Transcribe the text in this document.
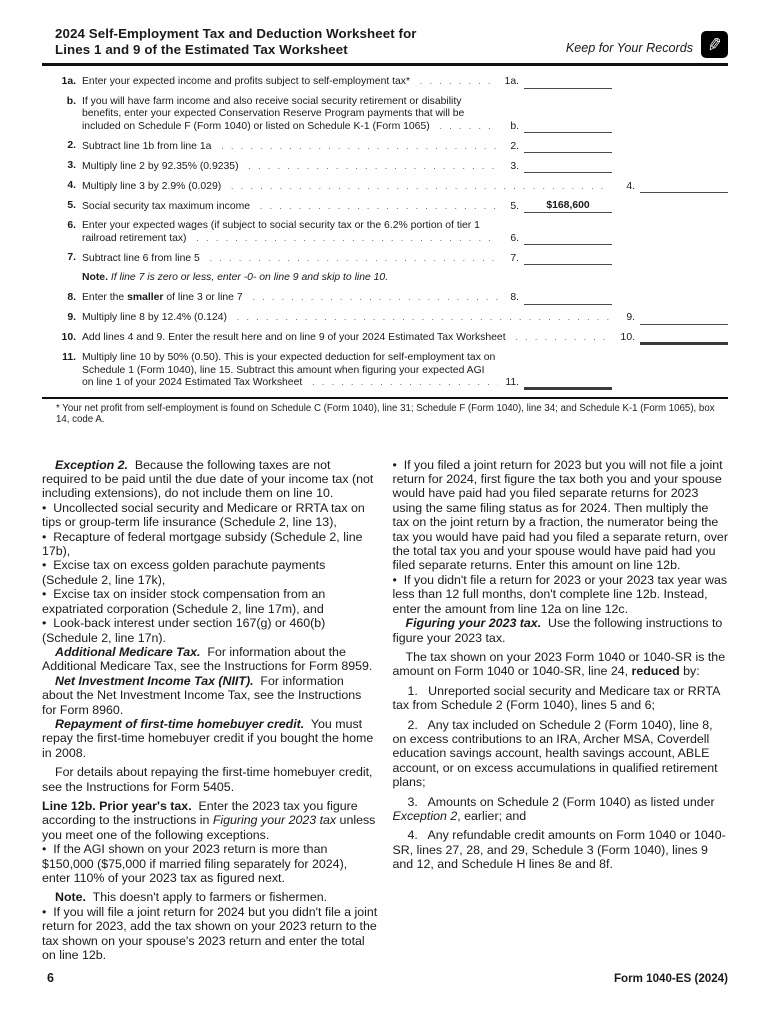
2024 Self-Employment Tax and Deduction Worksheet for
Lines 1 and 9 of the Estimated Tax Worksheet	Keep for Your Records ✎
1a. Enter your expected income and profits subject to self-employment tax*	1a.
b. If you will have farm income and also receive social security retirement or disability benefits, enter your expected Conservation Reserve Program payments that will be included on Schedule F (Form 1040) or listed on Schedule K-1 (Form 1065)	b.
2. Subtract line 1b from line 1a	2.
3. Multiply line 2 by 92.35% (0.9235)	3.
4. Multiply line 3 by 2.9% (0.029)	4.
5. Social security tax maximum income	5.	$168,600
6. Enter your expected wages (if subject to social security tax or the 6.2% portion of tier 1 railroad retirement tax)	6.
7. Subtract line 6 from line 5	7.
Note. If line 7 is zero or less, enter -0- on line 9 and skip to line 10.
8. Enter the smaller of line 3 or line 7	8.
9. Multiply line 8 by 12.4% (0.124)	9.
10. Add lines 4 and 9. Enter the result here and on line 9 of your 2024 Estimated Tax Worksheet	10.
11. Multiply line 10 by 50% (0.50). This is your expected deduction for self-employment tax on Schedule 1 (Form 1040), line 15. Subtract this amount when figuring your expected AGI on line 1 of your 2024 Estimated Tax Worksheet	11.
* Your net profit from self-employment is found on Schedule C (Form 1040), line 31; Schedule F (Form 1040), line 34; and Schedule K-1 (Form 1065), box 14, code A.

Exception 2.  Because the following taxes are not required to be paid until the due date of your income tax (not including extensions), do not include them on line 10.

•  Uncollected social security and Medicare or RRTA tax on tips or group-term life insurance (Schedule 2, line 13),

•  Recapture of federal mortgage subsidy (Schedule 2, line 17b),

•  Excise tax on excess golden parachute payments (Schedule 2, line 17k),

•  Excise tax on insider stock compensation from an expatriated corporation (Schedule 2, line 17m), and

•  Look-back interest under section 167(g) or 460(b) (Schedule 2, line 17n).

Additional Medicare Tax.  For information about the Additional Medicare Tax, see the Instructions for Form 8959.

Net Investment Income Tax (NIIT).  For information about the Net Investment Income Tax, see the Instructions for Form 8960.

Repayment of first-time homebuyer credit.  You must repay the first-time homebuyer credit if you bought the home in 2008.

For details about repaying the first-time homebuyer credit, see the Instructions for Form 5405.

Line 12b. Prior year's tax.  Enter the 2023 tax you figure according to the instructions in Figuring your 2023 tax unless you meet one of the following exceptions.

•  If the AGI shown on your 2023 return is more than $150,000 ($75,000 if married filing separately for 2024), enter 110% of your 2023 tax as figured next.

Note.  This doesn't apply to farmers or fishermen.

•  If you will file a joint return for 2024 but you didn't file a joint return for 2023, add the tax shown on your 2023 return to the tax shown on your spouse's 2023 return and enter the total on line 12b.

•  If you filed a joint return for 2023 but you will not file a joint return for 2024, first figure the tax both you and your spouse would have paid had you filed separate returns for 2023 using the same filing status as for 2024. Then multiply the tax on the joint return by a fraction, the numerator being the tax you would have paid had you filed a separate return, over the total tax you and your spouse would have paid had you filed separate returns. Enter this amount on line 12b.

•  If you didn't file a return for 2023 or your 2023 tax year was less than 12 full months, don't complete line 12b. Instead, enter the amount from line 12a on line 12c.

Figuring your 2023 tax.  Use the following instructions to figure your 2023 tax.

The tax shown on your 2023 Form 1040 or 1040-SR is the amount on Form 1040 or 1040-SR, line 24, reduced by:

1.   Unreported social security and Medicare tax or RRTA tax from Schedule 2 (Form 1040), lines 5 and 6;

2.   Any tax included on Schedule 2 (Form 1040), line 8, on excess contributions to an IRA, Archer MSA, Coverdell education savings account, health savings account, ABLE account, or on excess accumulations in qualified retirement plans;

3.   Amounts on Schedule 2 (Form 1040) as listed under Exception 2, earlier; and

4.   Any refundable credit amounts on Form 1040 or 1040-SR, lines 27, 28, and 29, Schedule 3 (Form 1040), lines 9 and 12, and Schedule H lines 8e and 8f.

6	Form 1040-ES (2024)
